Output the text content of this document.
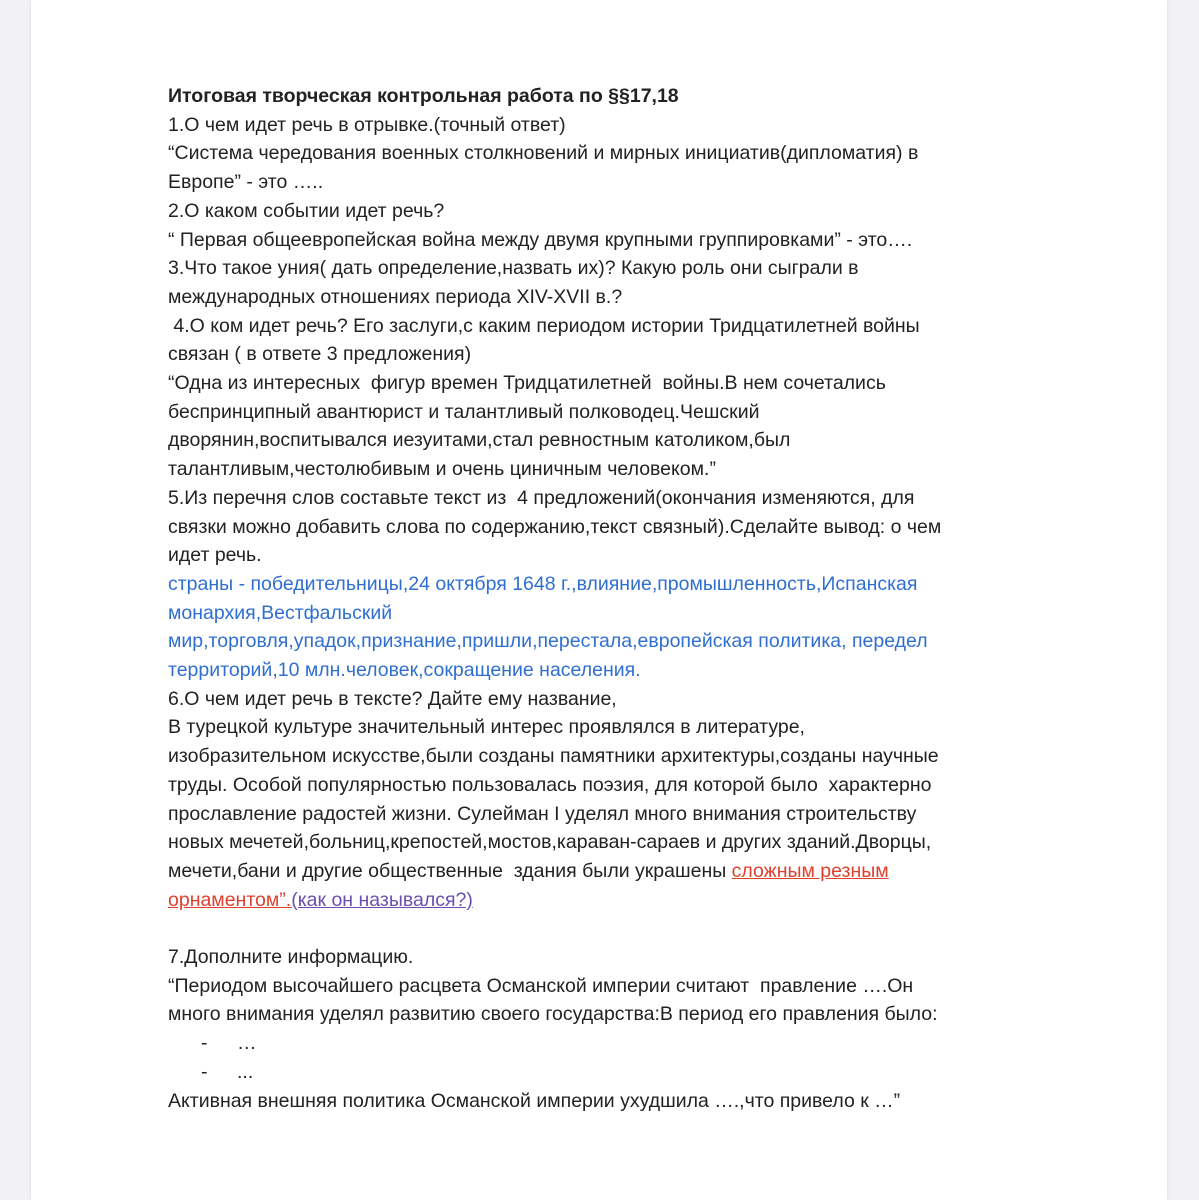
Итоговая творческая контрольная работа по §§17,18
1.О чем идет речь в отрывке.(точный ответ)
“Система чередования военных столкновений и мирных инициатив(дипломатия) в
Европе” - это …..
2.О каком событии идет речь?
“ Первая общеевропейская война между двумя крупными группировками” - это….
3.Что такое уния( дать определение,назвать их)? Какую роль они сыграли в
международных отношениях периода XIV-XVII в.?
4.О ком идет речь? Его заслуги,с каким периодом истории Тридцатилетней войны
связан ( в ответе 3 предложения)
“Одна из интересных  фигур времен Тридцатилетней  войны.В нем сочетались
беспринципный авантюрист и талантливый полководец.Чешский
дворянин,воспитывался иезуитами,стал ревностным католиком,был
талантливым,честолюбивым и очень циничным человеком.”
5.Из перечня слов составьте текст из  4 предложений(окончания изменяются, для
связки можно добавить слова по содержанию,текст связный).Сделайте вывод: о чем
идет речь.
страны - победительницы,24 октября 1648 г.,влияние,промышленность,Испанская
монархия,Вестфальский
мир,торговля,упадок,признание,пришли,перестала,европейская политика, передел
территорий,10 млн.человек,сокращение населения.
6.О чем идет речь в тексте? Дайте ему название,
В турецкой культуре значительный интерес проявлялся в литературе,
изобразительном искусстве,были созданы памятники архитектуры,созданы научные
труды. Особой популярностью пользовалась поэзия, для которой было  характерно
прославление радостей жизни. Сулейман I уделял много внимания строительству
новых мечетей,больниц,крепостей,мостов,караван-сараев и других зданий.Дворцы,
мечети,бани и другие общественные  здания были украшены сложным резным
орнаментом”.(как он назывался?)
7.Дополните информацию.
“Периодом высочайшего расцвета Османской империи считают  правление ….Он
много внимания уделял развитию своего государства:В период его правления было:
- …
- ...
Активная внешняя политика Османской империи ухудшила ….,что привело к …”
